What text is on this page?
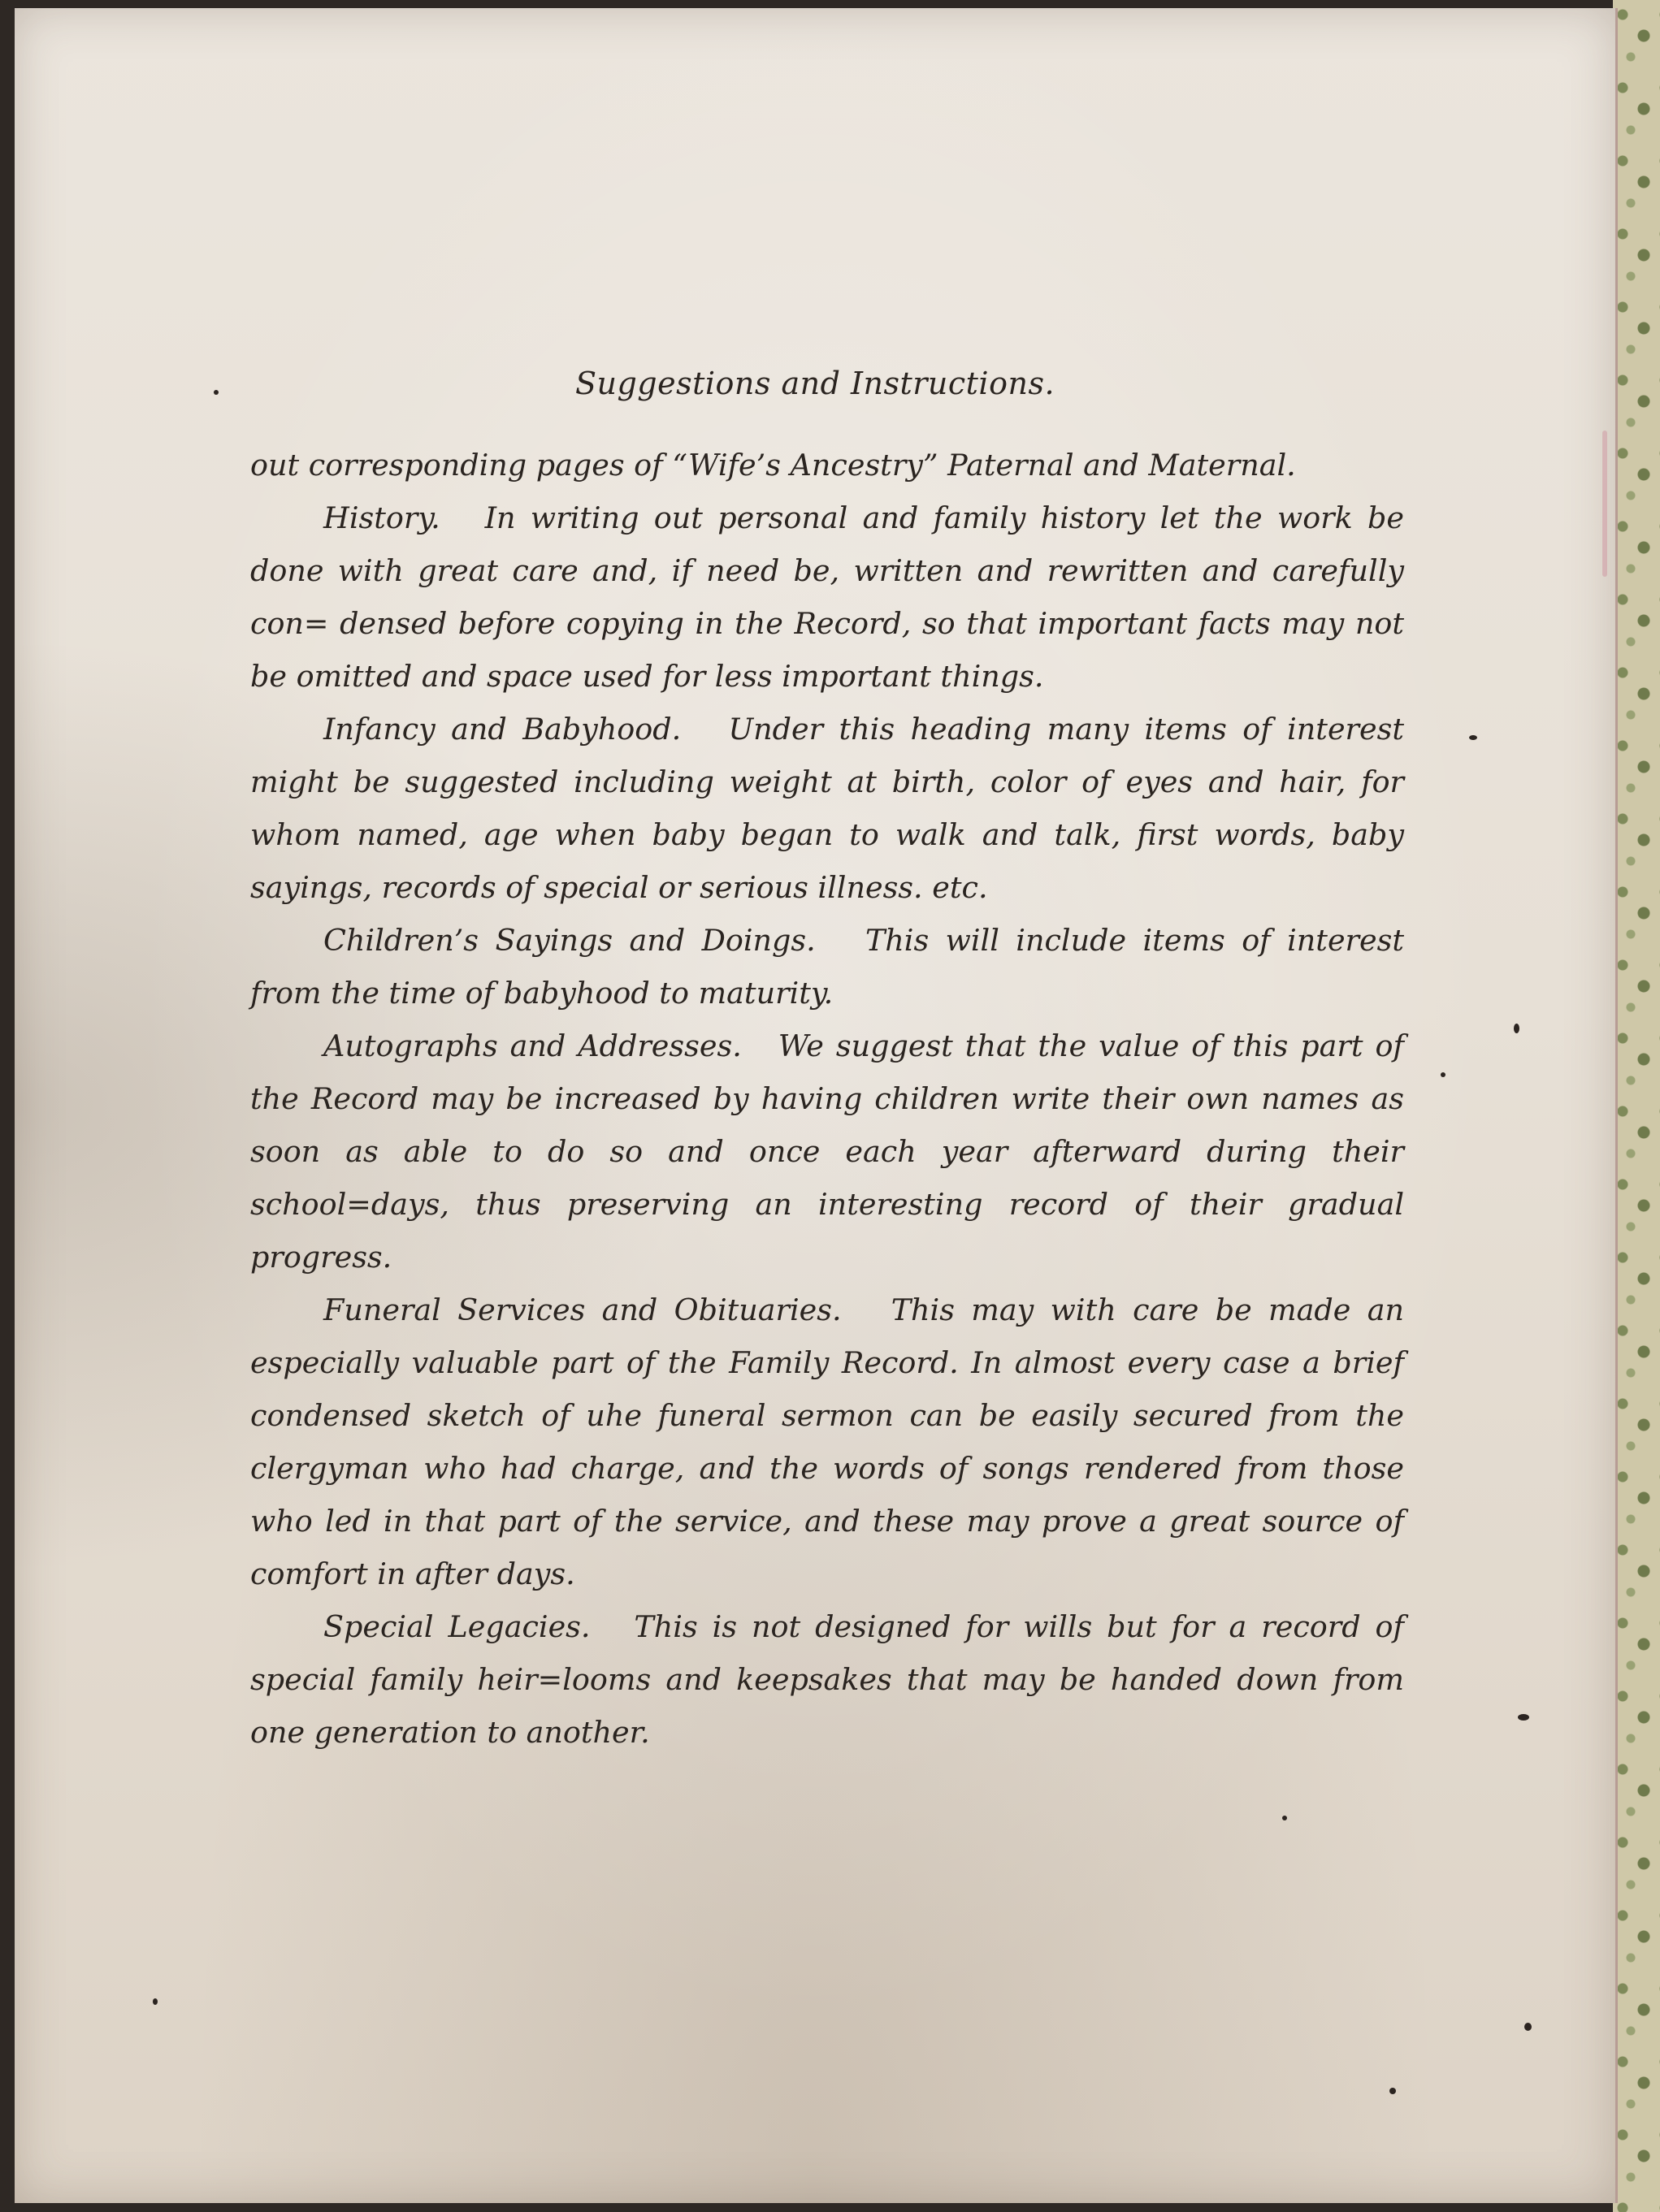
Suggestions and Instructions.

out corresponding pages of “Wife’s Ancestry” Paternal and Maternal.

History. In writing out personal and family history let the work be done with great care and, if need be, written and rewritten and carefully con= densed before copying in the Record, so that important facts may not be omitted and space used for less important things.

Infancy and Babyhood. Under this heading many items of interest might be suggested including weight at birth, color of eyes and hair, for whom named, age when baby began to walk and talk, first words, baby sayings, records of special or serious illness. etc.

Children’s Sayings and Doings. This will include items of interest from the time of babyhood to maturity.

Autographs and Addresses. We suggest that the value of this part of the Record may be increased by having children write their own names as soon as able to do so and once each year afterward during their school=days, thus preserving an interesting record of their gradual progress.

Funeral Services and Obituaries. This may with care be made an especially valuable part of the Family Record. In almost every case a brief condensed sketch of uhe funeral sermon can be easily secured from the clergyman who had charge, and the words of songs rendered from those who led in that part of the service, and these may prove a great source of comfort in after days.

Special Legacies. This is not designed for wills but for a record of special family heir=looms and keepsakes that may be handed down from one generation to another.
